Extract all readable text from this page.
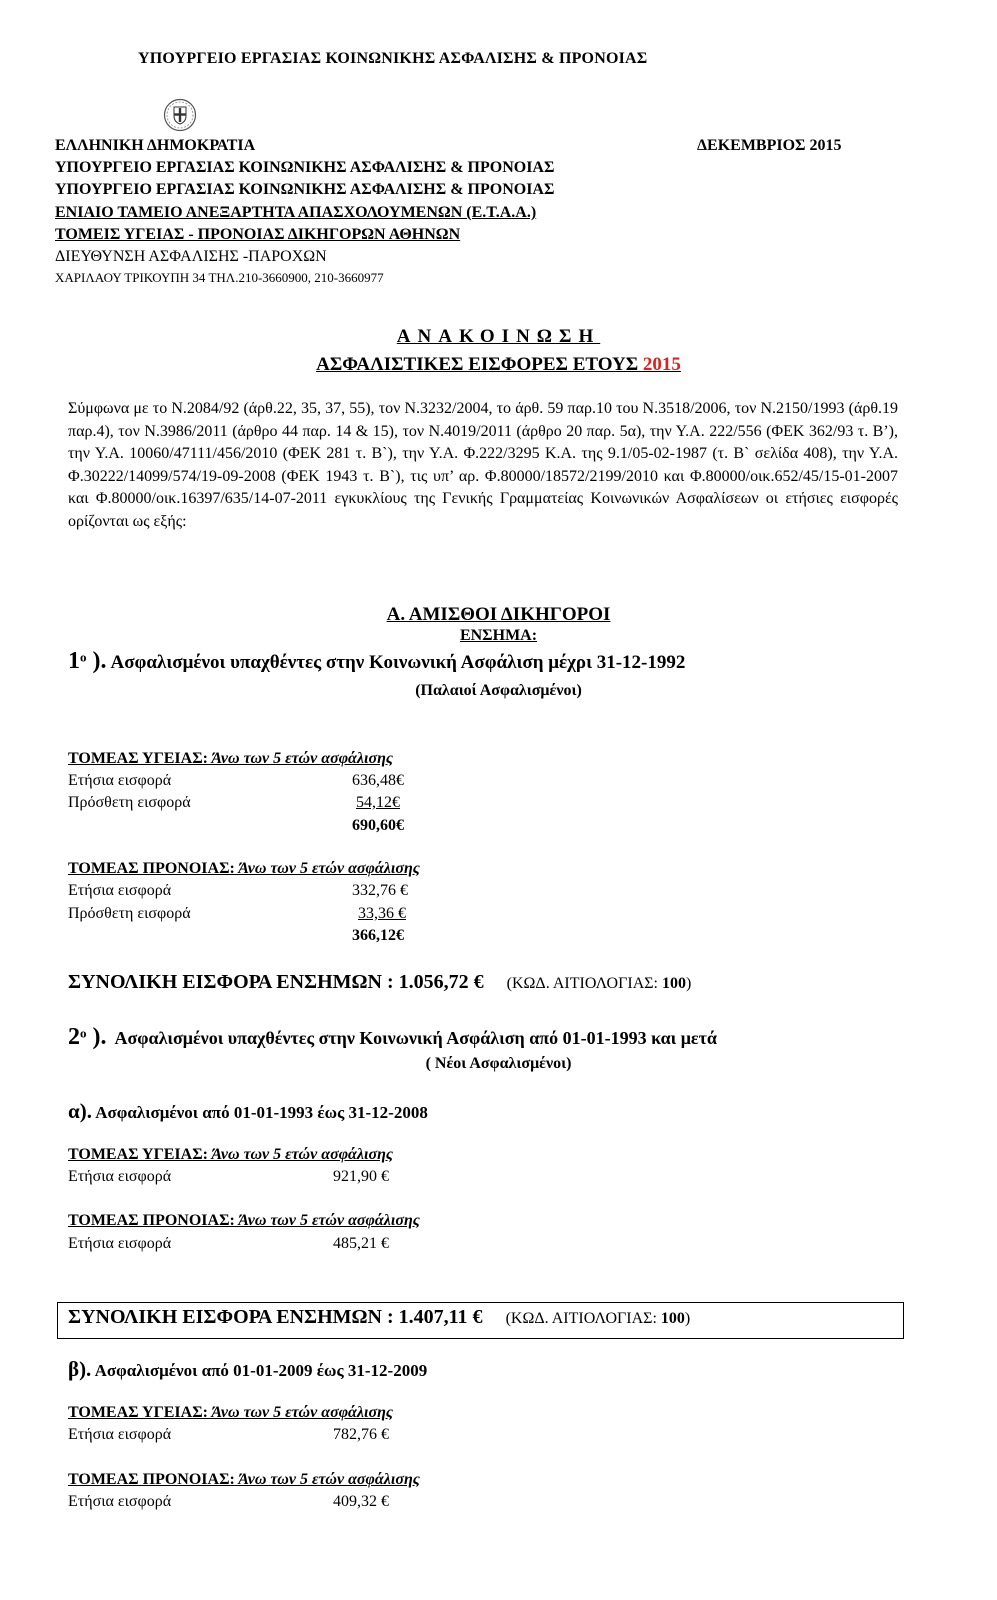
ΥΠΟΥΡΓΕΙΟ ΕΡΓΑΣΙΑΣ ΚΟΙΝΩΝΙΚΗΣ ΑΣΦΑΛΙΣΗΣ & ΠΡΟΝΟΙΑΣ
ΕΛΛΗΝΙΚΗ ΔΗΜΟΚΡΑΤΙΑ	ΔΕΚΕΜΒΡΙΟΣ 2015
ΥΠΟΥΡΓΕΙΟ ΕΡΓΑΣΙΑΣ ΚΟΙΝΩΝΙΚΗΣ ΑΣΦΑΛΙΣΗΣ & ΠΡΟΝΟΙΑΣ
ΥΠΟΥΡΓΕΙΟ ΕΡΓΑΣΙΑΣ ΚΟΙΝΩΝΙΚΗΣ ΑΣΦΑΛΙΣΗΣ & ΠΡΟΝΟΙΑΣ
ΕΝΙΑΙΟ ΤΑΜΕΙΟ ΑΝΕΞΑΡΤΗΤΑ ΑΠΑΣΧΟΛΟΥΜΕΝΩΝ (Ε.Τ.Α.Α.)
ΤΟΜΕΙΣ ΥΓΕΙΑΣ - ΠΡΟΝΟΙΑΣ ΔΙΚΗΓΟΡΩΝ ΑΘΗΝΩΝ
ΔΙΕΥΘΥΝΣΗ ΑΣΦΑΛΙΣΗΣ -ΠΑΡΟΧΩΝ
ΧΑΡΙΛΑΟΥ ΤΡΙΚΟΥΠΗ 34 ΤΗΛ.210-3660900, 210-3660977
ΑΝΑΚΟΙΝΩΣΗ
ΑΣΦΑΛΙΣΤΙΚΕΣ ΕΙΣΦΟΡΕΣ ΕΤΟΥΣ 2015
Σύμφωνα με το Ν.2084/92 (άρθ.22, 35, 37, 55), τον Ν.3232/2004, το άρθ. 59 παρ.10 του Ν.3518/2006, τον Ν.2150/1993 (άρθ.19 παρ.4), τον Ν.3986/2011 (άρθρο 44 παρ. 14 & 15), τον Ν.4019/2011 (άρθρο 20 παρ. 5α), την Υ.Α. 222/556 (ΦΕΚ 362/93 τ. Β’), την Υ.Α. 10060/47111/456/2010 (ΦΕΚ 281 τ. Β`), την Υ.Α. Φ.222/3295 Κ.Α. της 9.1/05-02-1987 (τ. Β` σελίδα 408), την Υ.Α. Φ.30222/14099/574/19-09-2008 (ΦΕΚ 1943 τ. Β`), τις υπ’ αρ. Φ.80000/18572/2199/2010 και Φ.80000/οικ.652/45/15-01-2007 και Φ.80000/οικ.16397/635/14-07-2011 εγκυκλίους της Γενικής Γραμματείας Κοινωνικών Ασφαλίσεων οι ετήσιες εισφορές ορίζονται ως εξής:
Α. ΑΜΙΣΘΟΙ ΔΙΚΗΓΟΡΟΙ
ΕΝΣΗΜΑ:
$1^o$ ). Ασφαλισμένοι υπαχθέντες στην Κοινωνική Ασφάλιση μέχρι 31-12-1992
(Παλαιοί Ασφαλισμένοι)
ΤΟΜΕΑΣ ΥΓΕΙΑΣ: Άνω των 5 ετών ασφάλισης
Ετήσια εισφορά	636,48€
Πρόσθετη εισφορά	54,12€
690,60€
ΤΟΜΕΑΣ ΠΡΟΝΟΙΑΣ: Άνω των 5 ετών ασφάλισης
Ετήσια εισφορά	332,76 €
Πρόσθετη εισφορά	33,36 €
366,12€
ΣΥΝΟΛΙΚΗ ΕΙΣΦΟΡΑ ΕΝΣΗΜΩΝ : 1.056,72 € (ΚΩΔ. ΑΙΤΙΟΛΟΓΙΑΣ: 100)
$2^o$ ). Ασφαλισμένοι υπαχθέντες στην Κοινωνική Ασφάλιση από 01-01-1993 και μετά
( Νέοι Ασφαλισμένοι)
α). Ασφαλισμένοι από 01-01-1993 έως 31-12-2008
ΤΟΜΕΑΣ ΥΓΕΙΑΣ: Άνω των 5 ετών ασφάλισης
Ετήσια εισφορά	921,90 €
ΤΟΜΕΑΣ ΠΡΟΝΟΙΑΣ: Άνω των 5 ετών ασφάλισης
Ετήσια εισφορά	485,21 €
ΣΥΝΟΛΙΚΗ ΕΙΣΦΟΡΑ ΕΝΣΗΜΩΝ : 1.407,11 € (ΚΩΔ. ΑΙΤΙΟΛΟΓΙΑΣ: 100)
β). Ασφαλισμένοι από 01-01-2009 έως 31-12-2009
ΤΟΜΕΑΣ ΥΓΕΙΑΣ: Άνω των 5 ετών ασφάλισης
Ετήσια εισφορά	782,76 €
ΤΟΜΕΑΣ ΠΡΟΝΟΙΑΣ: Άνω των 5 ετών ασφάλισης
Ετήσια εισφορά	409,32 €
